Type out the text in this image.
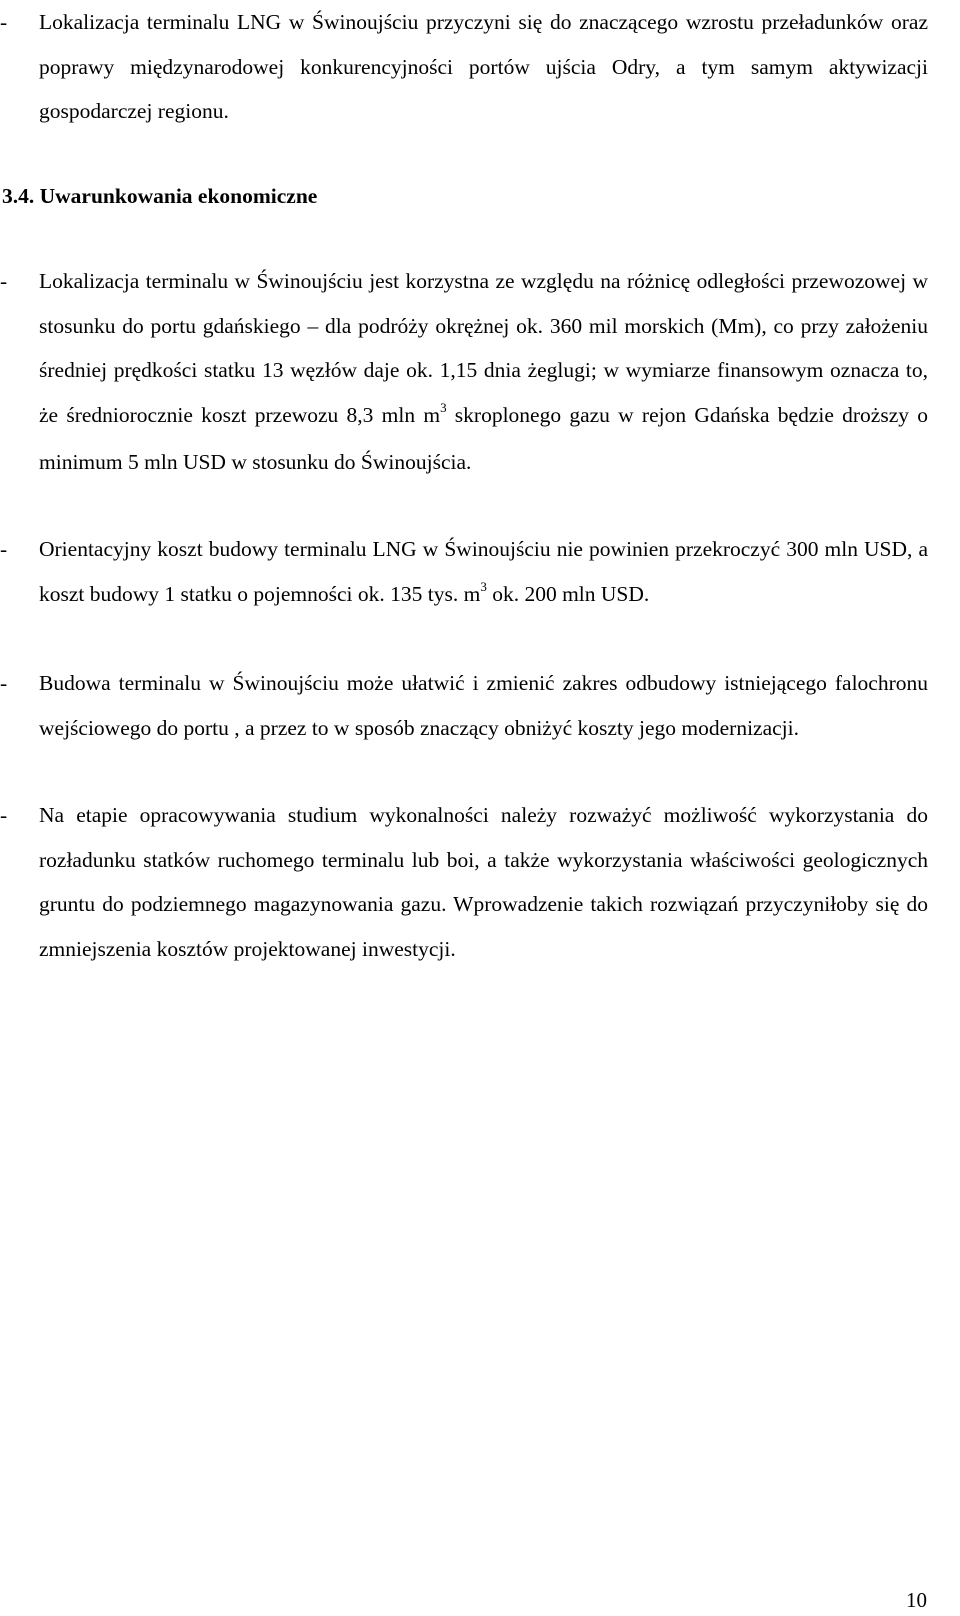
-	Lokalizacja terminalu LNG w Świnoujściu przyczyni się do znaczącego wzrostu przeładunków oraz poprawy międzynarodowej konkurencyjności portów ujścia Odry, a tym samym aktywizacji gospodarczej regionu.
3.4. Uwarunkowania ekonomiczne
-	Lokalizacja terminalu w Świnoujściu jest korzystna ze względu na różnicę odległości przewozowej w stosunku do portu gdańskiego – dla podróży okrężnej ok. 360 mil morskich (Mm), co przy założeniu średniej prędkości statku 13 węzłów daje ok. 1,15 dnia żeglugi; w wymiarze finansowym oznacza to, że średniorocznie koszt przewozu 8,3 mln $m^3$ skroplonego gazu w rejon Gdańska będzie droższy o minimum 5 mln USD w stosunku do Świnoujścia.
-	Orientacyjny koszt budowy terminalu LNG w Świnoujściu nie powinien przekroczyć 300 mln USD, a koszt budowy 1 statku o pojemności ok. 135 tys. $m^3$ ok. 200 mln USD.
-	Budowa terminalu w Świnoujściu może ułatwić i zmienić zakres odbudowy istniejącego falochronu wejściowego do portu , a przez to w sposób znaczący obniżyć koszty jego modernizacji.
-	Na etapie opracowywania studium wykonalności należy rozważyć możliwość wykorzystania do rozładunku statków ruchomego terminalu lub boi, a także wykorzystania właściwości geologicznych gruntu do podziemnego magazynowania gazu. Wprowadzenie takich rozwiązań przyczyniłoby się do zmniejszenia kosztów projektowanej inwestycji.
10
